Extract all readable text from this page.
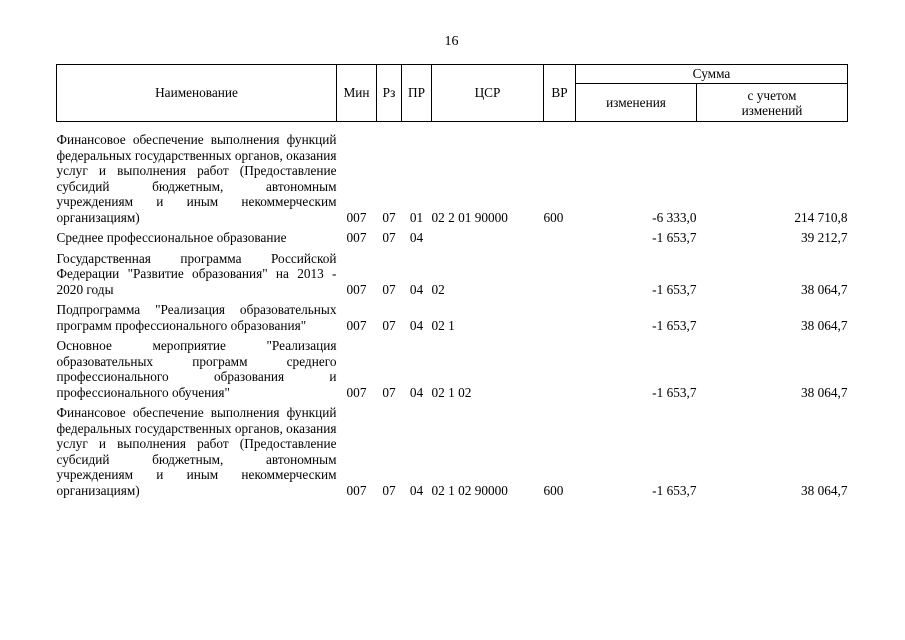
16
Наименование	Мин	Рз	ПР	ЦСР	ВР	Сумма	
						изменения	с учетом
изменений
Финансовое обеспечение выполнения функций федеральных государственных органов, оказания услуг и выполнения работ (Предоставление субсидий бюджетным, автономным учреждениям и иным некоммерческим организациям)	007	07	01	02 2 01 90000	600	-6 333,0	214 710,8
Среднее профессиональное образование	007	07	04			-1 653,7	39 212,7
Государственная программа Российской Федерации "Развитие образования" на 2013 - 2020 годы	007	07	04	02		-1 653,7	38 064,7
Подпрограмма "Реализация образовательных программ профессионального образования"	007	07	04	02 1		-1 653,7	38 064,7
Основное мероприятие "Реализация образовательных программ среднего профессионального образования и профессионального обучения"	007	07	04	02 1 02		-1 653,7	38 064,7
Финансовое обеспечение выполнения функций федеральных государственных органов, оказания услуг и выполнения работ (Предоставление субсидий бюджетным, автономным учреждениям и иным некоммерческим организациям)	007	07	04	02 1 02 90000	600	-1 653,7	38 064,7
